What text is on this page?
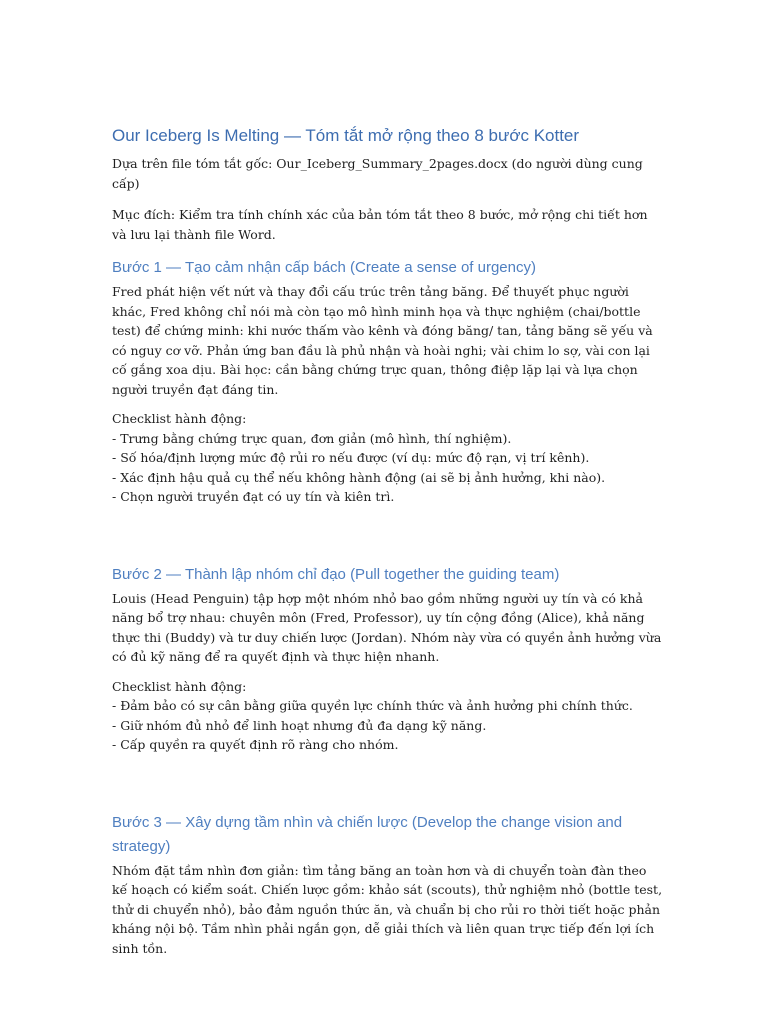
Our Iceberg Is Melting — Tóm tắt mở rộng theo 8 bước Kotter

Dựa trên file tóm tắt gốc: Our_Iceberg_Summary_2pages.docx (do người dùng cung cấp)

Mục đích: Kiểm tra tính chính xác của bản tóm tắt theo 8 bước, mở rộng chi tiết hơn và lưu lại thành file Word.

Bước 1 — Tạo cảm nhận cấp bách (Create a sense of urgency)

Fred phát hiện vết nứt và thay đổi cấu trúc trên tảng băng. Để thuyết phục người khác, Fred không chỉ nói mà còn tạo mô hình minh họa và thực nghiệm (chai/bottle test) để chứng minh: khi nước thấm vào kênh và đóng băng/ tan, tảng băng sẽ yếu và có nguy cơ vỡ. Phản ứng ban đầu là phủ nhận và hoài nghi; vài chim lo sợ, vài con lại cố gắng xoa dịu. Bài học: cần bằng chứng trực quan, thông điệp lặp lại và lựa chọn người truyền đạt đáng tin.

Checklist hành động:
- Trưng bằng chứng trực quan, đơn giản (mô hình, thí nghiệm).
- Số hóa/định lượng mức độ rủi ro nếu được (ví dụ: mức độ rạn, vị trí kênh).
- Xác định hậu quả cụ thể nếu không hành động (ai sẽ bị ảnh hưởng, khi nào).
- Chọn người truyền đạt có uy tín và kiên trì.
Bước 2 — Thành lập nhóm chỉ đạo (Pull together the guiding team)

Louis (Head Penguin) tập hợp một nhóm nhỏ bao gồm những người uy tín và có khả năng bổ trợ nhau: chuyên môn (Fred, Professor), uy tín cộng đồng (Alice), khả năng thực thi (Buddy) và tư duy chiến lược (Jordan). Nhóm này vừa có quyền ảnh hưởng vừa có đủ kỹ năng để ra quyết định và thực hiện nhanh.

Checklist hành động:
- Đảm bảo có sự cân bằng giữa quyền lực chính thức và ảnh hưởng phi chính thức.
- Giữ nhóm đủ nhỏ để linh hoạt nhưng đủ đa dạng kỹ năng.
- Cấp quyền ra quyết định rõ ràng cho nhóm.
Bước 3 — Xây dựng tầm nhìn và chiến lược (Develop the change vision and strategy)

Nhóm đặt tầm nhìn đơn giản: tìm tảng băng an toàn hơn và di chuyển toàn đàn theo kế hoạch có kiểm soát. Chiến lược gồm: khảo sát (scouts), thử nghiệm nhỏ (bottle test, thử di chuyển nhỏ), bảo đảm nguồn thức ăn, và chuẩn bị cho rủi ro thời tiết hoặc phản kháng nội bộ. Tầm nhìn phải ngắn gọn, dễ giải thích và liên quan trực tiếp đến lợi ích sinh tồn.
